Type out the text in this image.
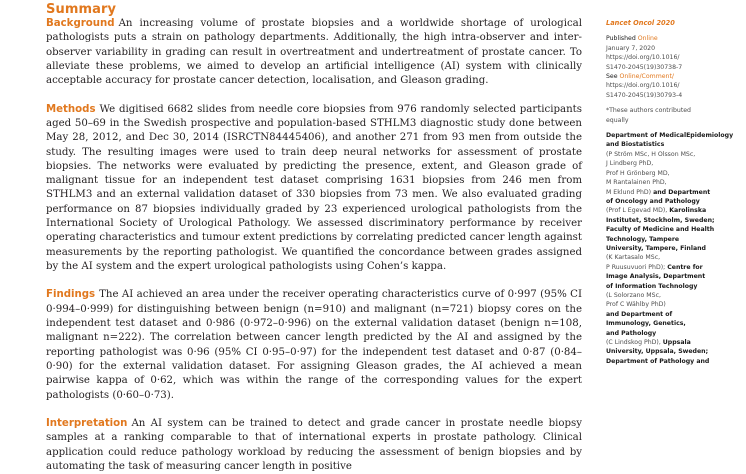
Summary

Background An increasing volume of prostate biopsies and a worldwide shortage of urological pathologists puts a strain on pathology departments. Additionally, the high intra-observer and inter-observer variability in grading can result in overtreatment and undertreatment of prostate cancer. To alleviate these problems, we aimed to develop an artificial intelligence (AI) system with clinically acceptable accuracy for prostate cancer detection, localisation, and Gleason grading.

Methods We digitised 6682 slides from needle core biopsies from 976 randomly selected participants aged 50–69 in the Swedish prospective and population-based STHLM3 diagnostic study done between May 28, 2012, and Dec 30, 2014 (ISRCTN84445406), and another 271 from 93 men from outside the study. The resulting images were used to train deep neural networks for assessment of prostate biopsies. The networks were evaluated by predicting the presence, extent, and Gleason grade of malignant tissue for an independent test dataset comprising 1631 biopsies from 246 men from STHLM3 and an external validation dataset of 330 biopsies from 73 men. We also evaluated grading performance on 87 biopsies individually graded by 23 experienced urological pathologists from the International Society of Urological Pathology. We assessed discriminatory performance by receiver operating characteristics and tumour extent predictions by correlating predicted cancer length against measurements by the reporting pathologist. We quantified the concordance between grades assigned by the AI system and the expert urological pathologists using Cohen’s kappa.

Findings The AI achieved an area under the receiver operating characteristics curve of 0·997 (95% CI 0·994–0·999) for distinguishing between benign (n=910) and malignant (n=721) biopsy cores on the independent test dataset and 0·986 (0·972–0·996) on the external validation dataset (benign n=108, malignant n=222). The correlation between cancer length predicted by the AI and assigned by the reporting pathologist was 0·96 (95% CI 0·95–0·97) for the independent test dataset and 0·87 (0·84–0·90) for the external validation dataset. For assigning Gleason grades, the AI achieved a mean pairwise kappa of 0·62, which was within the range of the corresponding values for the expert pathologists (0·60–0·73).

Interpretation An AI system can be trained to detect and grade cancer in prostate needle biopsy samples at a ranking comparable to that of international experts in prostate pathology. Clinical application could reduce pathology workload by reducing the assessment of benign biopsies and by automating the task of measuring cancer length in positive

Lancet Oncol 2020

Published Online

January 7, 2020

https://doi.org/10.1016/

S1470-2045(19)30738-7

See Online/Comment/

https://doi.org/10.1016/

S1470-2045(19)30793-4

*These authors contributed

equally

Department of MedicalEpidemiology and Biostatistics

(P Ström MSc, H Olsson MSc,

J Lindberg PhD,

Prof H Grönberg MD,

M Rantalainen PhD,

M Eklund PhD) and Department

of Oncology and Pathology

(Prof L Egevad MD), Karolinska

Institutet, Stockholm, Sweden;

Faculty of Medicine and Health

Technology, Tampere

University, Tampere, Finland

(K Kartasalo MSc,

P Ruusuvuori PhD); Centre for

Image Analysis, Department

of Information Technology

(L Solorzano MSc,

Prof C Wählby PhD)

and Department of

Immunology, Genetics,

and Pathology

(C Lindskog PhD), Uppsala

University, Uppsala, Sweden;

Department of Pathology and
